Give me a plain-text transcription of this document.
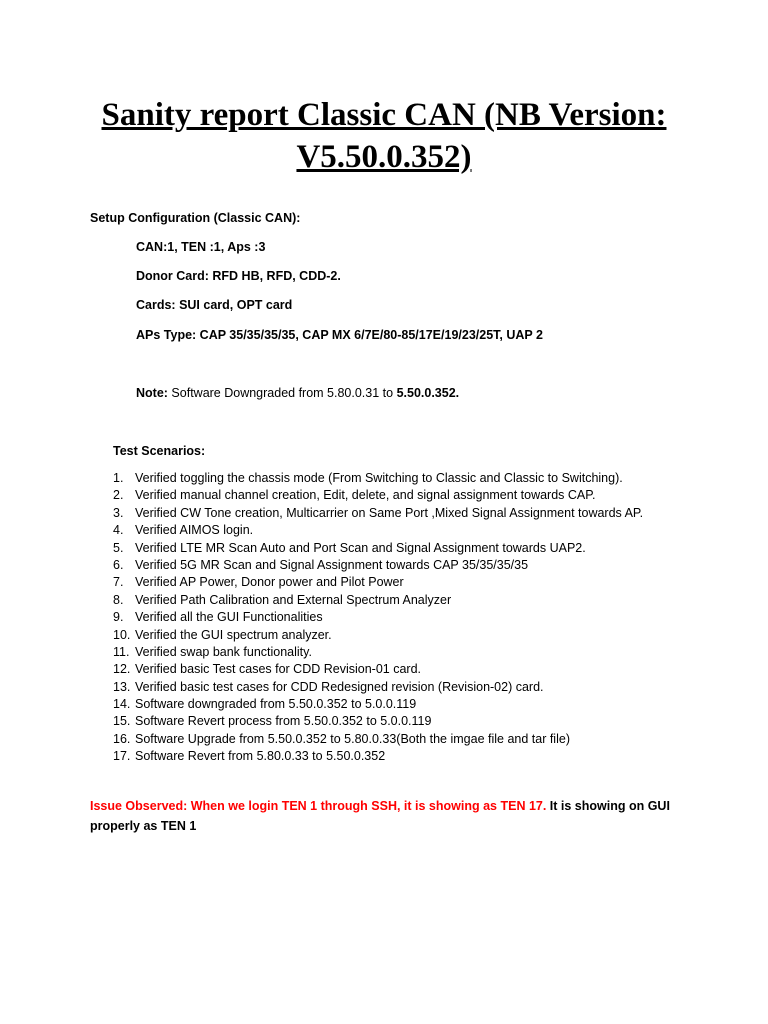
Sanity report Classic CAN (NB Version:
V5.50.0.352)

Setup Configuration (Classic CAN):

CAN:1, TEN :1, Aps :3

Donor Card: RFD HB, RFD, CDD-2.

Cards: SUI card, OPT card

APs Type: CAP 35/35/35/35, CAP MX 6/7E/80-85/17E/19/23/25T, UAP 2

Note: Software Downgraded from 5.80.0.31 to 5.50.0.352.

Test Scenarios:

1. Verified toggling the chassis mode (From Switching to Classic and Classic to Switching).
2. Verified manual channel creation, Edit, delete, and signal assignment towards CAP.
3. Verified CW Tone creation, Multicarrier on Same Port ,Mixed Signal Assignment towards AP.
4. Verified AIMOS login.
5. Verified LTE MR Scan Auto and Port Scan and Signal Assignment towards UAP2.
6. Verified 5G MR Scan and Signal Assignment towards CAP 35/35/35/35
7. Verified AP Power, Donor power and Pilot Power
8. Verified Path Calibration and External Spectrum Analyzer
9. Verified all the GUI Functionalities
10. Verified the GUI spectrum analyzer.
11. Verified swap bank functionality.
12. Verified basic Test cases for CDD Revision-01 card.
13. Verified basic test cases for CDD Redesigned revision (Revision-02) card.
14. Software downgraded from 5.50.0.352 to 5.0.0.119
15. Software Revert process from 5.50.0.352 to 5.0.0.119
16. Software Upgrade from 5.50.0.352 to 5.80.0.33(Both the imgae file and tar file)
17. Software Revert from 5.80.0.33 to 5.50.0.352

Issue Observed: When we login TEN 1 through SSH, it is showing as TEN 17. It is showing on GUI properly as TEN 1
